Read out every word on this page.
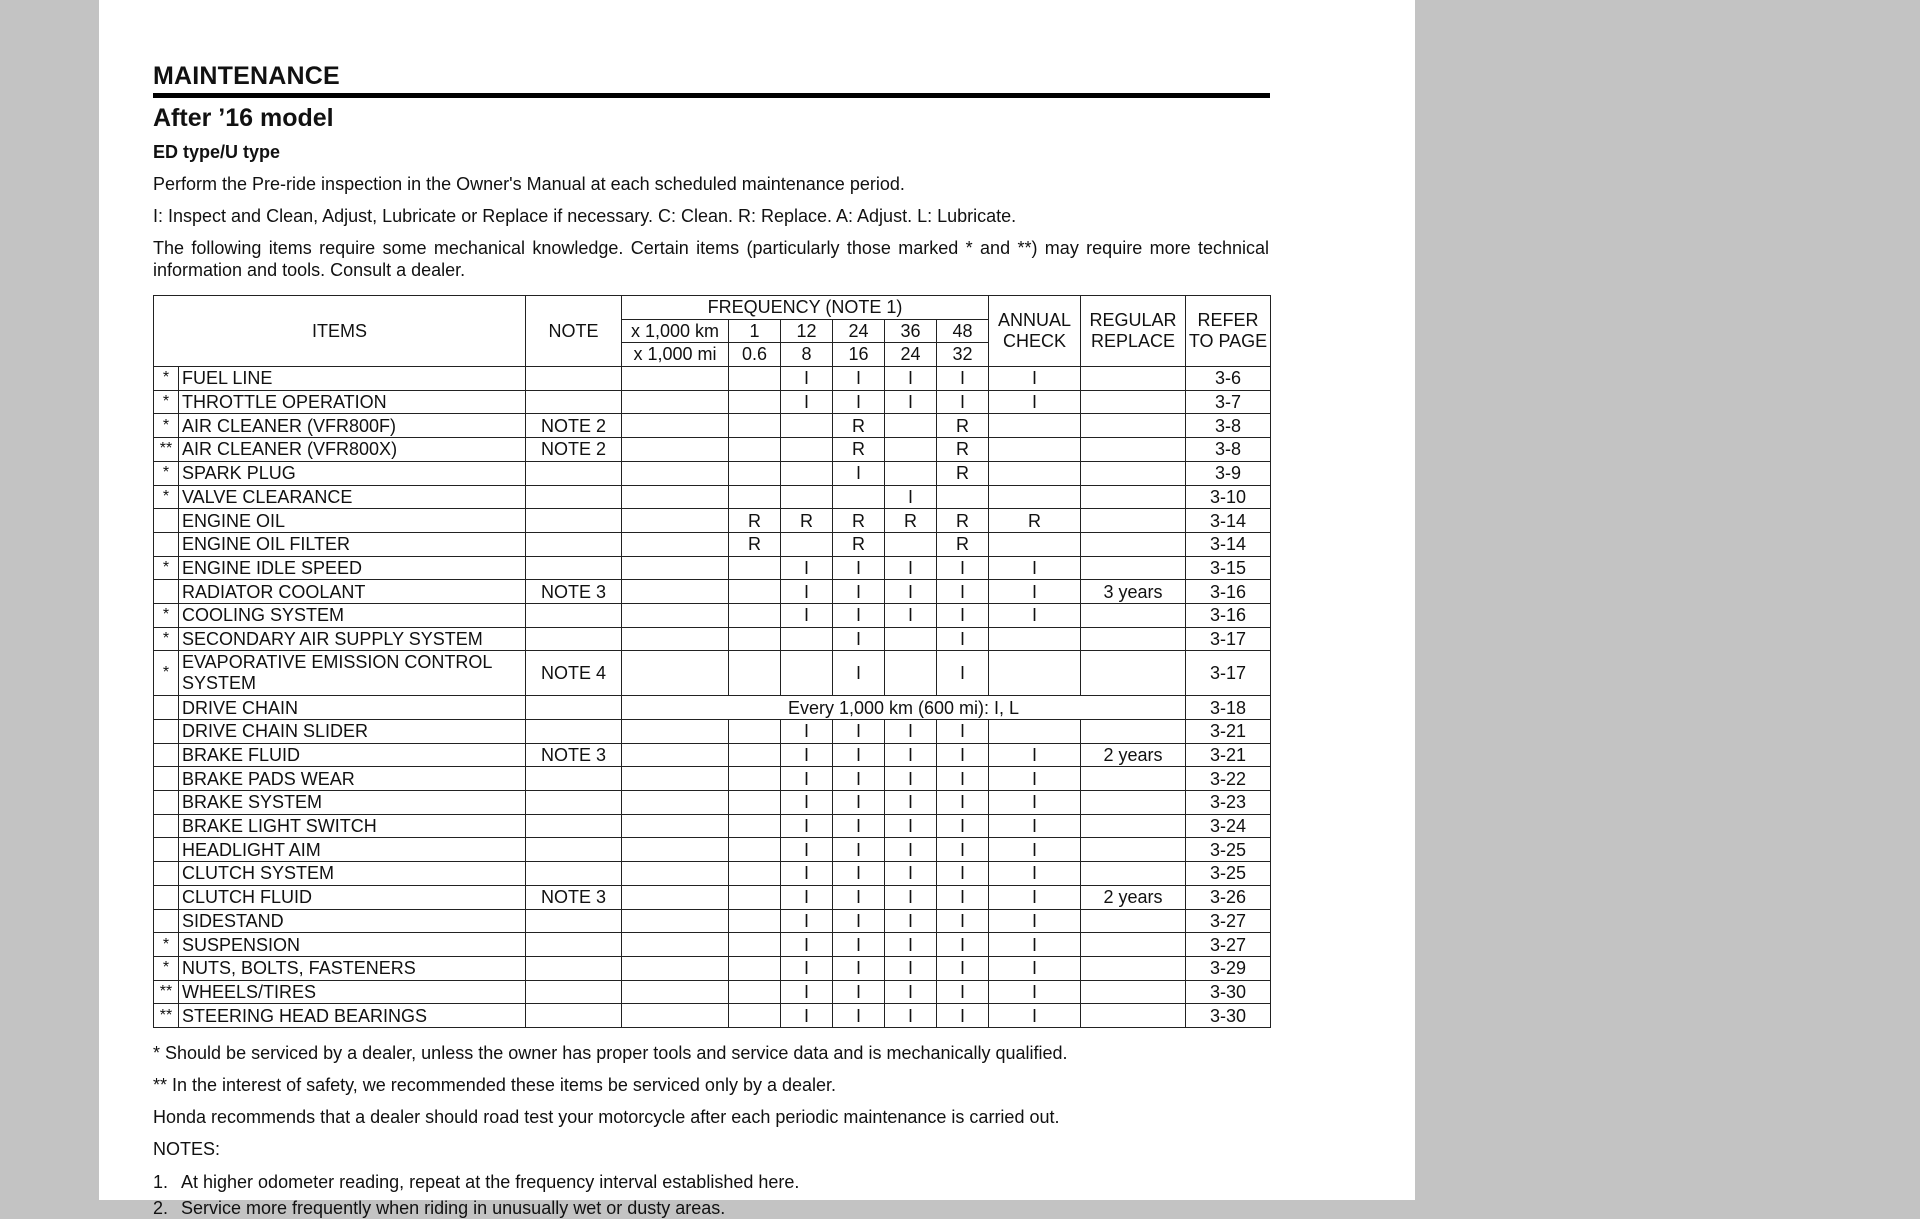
MAINTENANCE
After ’16 model
ED type/U type
Perform the Pre-ride inspection in the Owner's Manual at each scheduled maintenance period.
I: Inspect and Clean, Adjust, Lubricate or Replace if necessary. C: Clean. R: Replace. A: Adjust. L: Lubricate.
The following items require some mechanical knowledge. Certain items (particularly those marked * and **) may require more technical information and tools. Consult a dealer.
ITEMS		NOTE	FREQUENCY (NOTE 1)						ANNUAL CHECK	REGULAR REPLACE	REFER TO PAGE
			x 1,000 km	1	12	24	36	48			
			x 1,000 mi	0.6	8	16	24	32			
*	FUEL LINE				I	I	I	I	I		3-6
*	THROTTLE OPERATION				I	I	I	I	I		3-7
*	AIR CLEANER (VFR800F)	NOTE 2				R		R			3-8
**	AIR CLEANER (VFR800X)	NOTE 2				R		R			3-8
*	SPARK PLUG					I		R			3-9
*	VALVE CLEARANCE						I				3-10
	ENGINE OIL			R	R	R	R	R	R		3-14
	ENGINE OIL FILTER			R		R		R			3-14
*	ENGINE IDLE SPEED				I	I	I	I	I		3-15
	RADIATOR COOLANT	NOTE 3			I	I	I	I	I	3 years	3-16
*	COOLING SYSTEM				I	I	I	I	I		3-16
*	SECONDARY AIR SUPPLY SYSTEM					I		I			3-17
*	EVAPORATIVE EMISSION CONTROL SYSTEM	NOTE 4				I		I			3-17
	DRIVE CHAIN		Every 1,000 km (600 mi): I, L								3-18
	DRIVE CHAIN SLIDER				I	I	I	I			3-21
	BRAKE FLUID	NOTE 3			I	I	I	I	I	2 years	3-21
	BRAKE PADS WEAR				I	I	I	I	I		3-22
	BRAKE SYSTEM				I	I	I	I	I		3-23
	BRAKE LIGHT SWITCH				I	I	I	I	I		3-24
	HEADLIGHT AIM				I	I	I	I	I		3-25
	CLUTCH SYSTEM				I	I	I	I	I		3-25
	CLUTCH FLUID	NOTE 3			I	I	I	I	I	2 years	3-26
	SIDESTAND				I	I	I	I	I		3-27
*	SUSPENSION				I	I	I	I	I		3-27
*	NUTS, BOLTS, FASTENERS				I	I	I	I	I		3-29
**	WHEELS/TIRES				I	I	I	I	I		3-30
**	STEERING HEAD BEARINGS				I	I	I	I	I		3-30
* Should be serviced by a dealer, unless the owner has proper tools and service data and is mechanically qualified.
** In the interest of safety, we recommended these items be serviced only by a dealer.
Honda recommends that a dealer should road test your motorcycle after each periodic maintenance is carried out.
NOTES:
1. At higher odometer reading, repeat at the frequency interval established here.
2. Service more frequently when riding in unusually wet or dusty areas.
